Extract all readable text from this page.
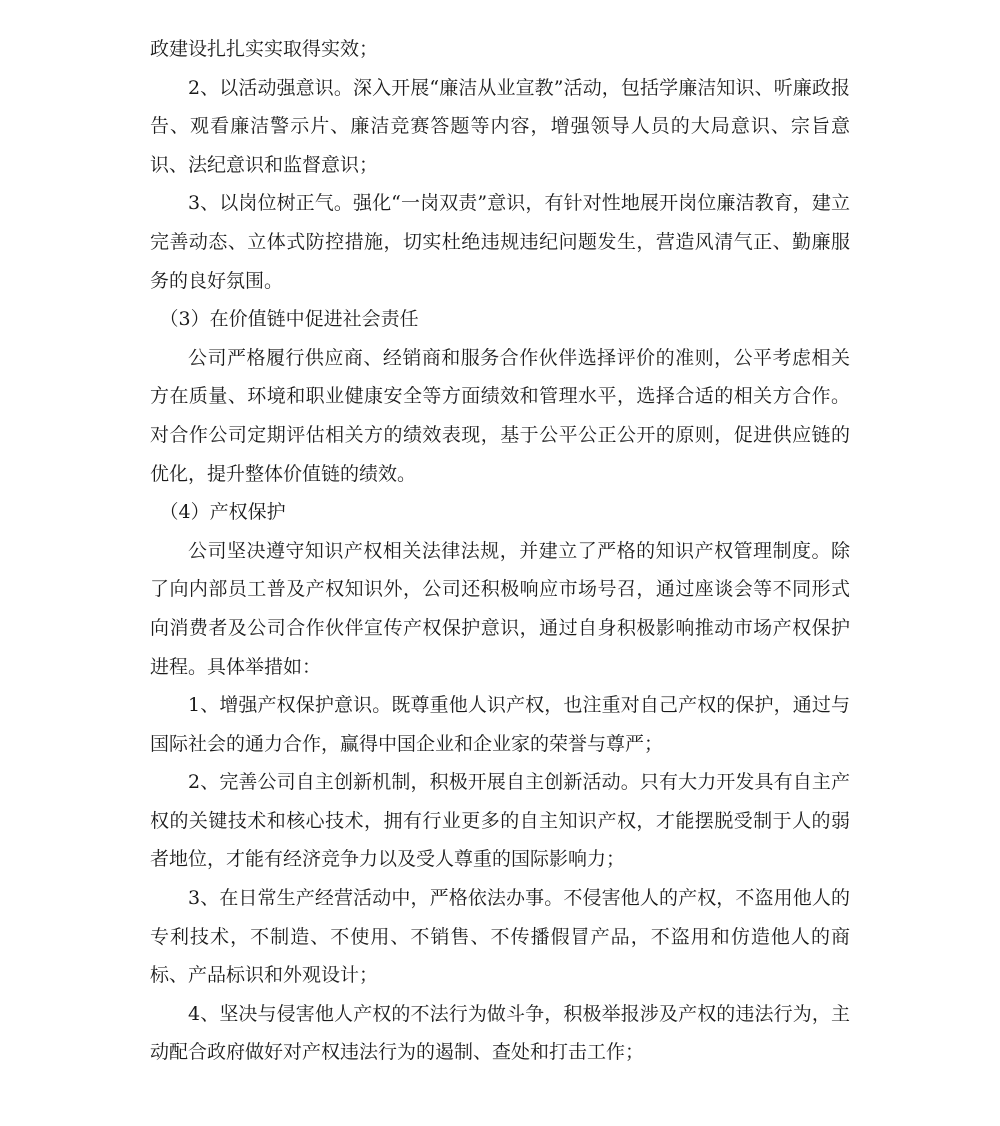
政建设扎扎实实取得实效；

2、以活动强意识。深入开展“廉洁从业宣教”活动，包括学廉洁知识、听廉政报告、观看廉洁警示片、廉洁竞赛答题等内容，增强领导人员的大局意识、宗旨意识、法纪意识和监督意识；

3、以岗位树正气。强化“一岗双责”意识，有针对性地展开岗位廉洁教育，建立完善动态、立体式防控措施，切实杜绝违规违纪问题发生，营造风清气正、勤廉服务的良好氛围。

（3）在价值链中促进社会责任

公司严格履行供应商、经销商和服务合作伙伴选择评价的准则，公平考虑相关方在质量、环境和职业健康安全等方面绩效和管理水平，选择合适的相关方合作。对合作公司定期评估相关方的绩效表现，基于公平公正公开的原则，促进供应链的优化，提升整体价值链的绩效。

（4）产权保护

公司坚决遵守知识产权相关法律法规，并建立了严格的知识产权管理制度。除了向内部员工普及产权知识外，公司还积极响应市场号召，通过座谈会等不同形式向消费者及公司合作伙伴宣传产权保护意识，通过自身积极影响推动市场产权保护进程。具体举措如：

1、增强产权保护意识。既尊重他人识产权，也注重对自己产权的保护，通过与国际社会的通力合作，赢得中国企业和企业家的荣誉与尊严；

2、完善公司自主创新机制，积极开展自主创新活动。只有大力开发具有自主产权的关键技术和核心技术，拥有行业更多的自主知识产权，才能摆脱受制于人的弱者地位，才能有经济竞争力以及受人尊重的国际影响力；

3、在日常生产经营活动中，严格依法办事。不侵害他人的产权，不盗用他人的专利技术，不制造、不使用、不销售、不传播假冒产品，不盗用和仿造他人的商标、产品标识和外观设计；

4、坚决与侵害他人产权的不法行为做斗争，积极举报涉及产权的违法行为，主动配合政府做好对产权违法行为的遏制、查处和打击工作；
